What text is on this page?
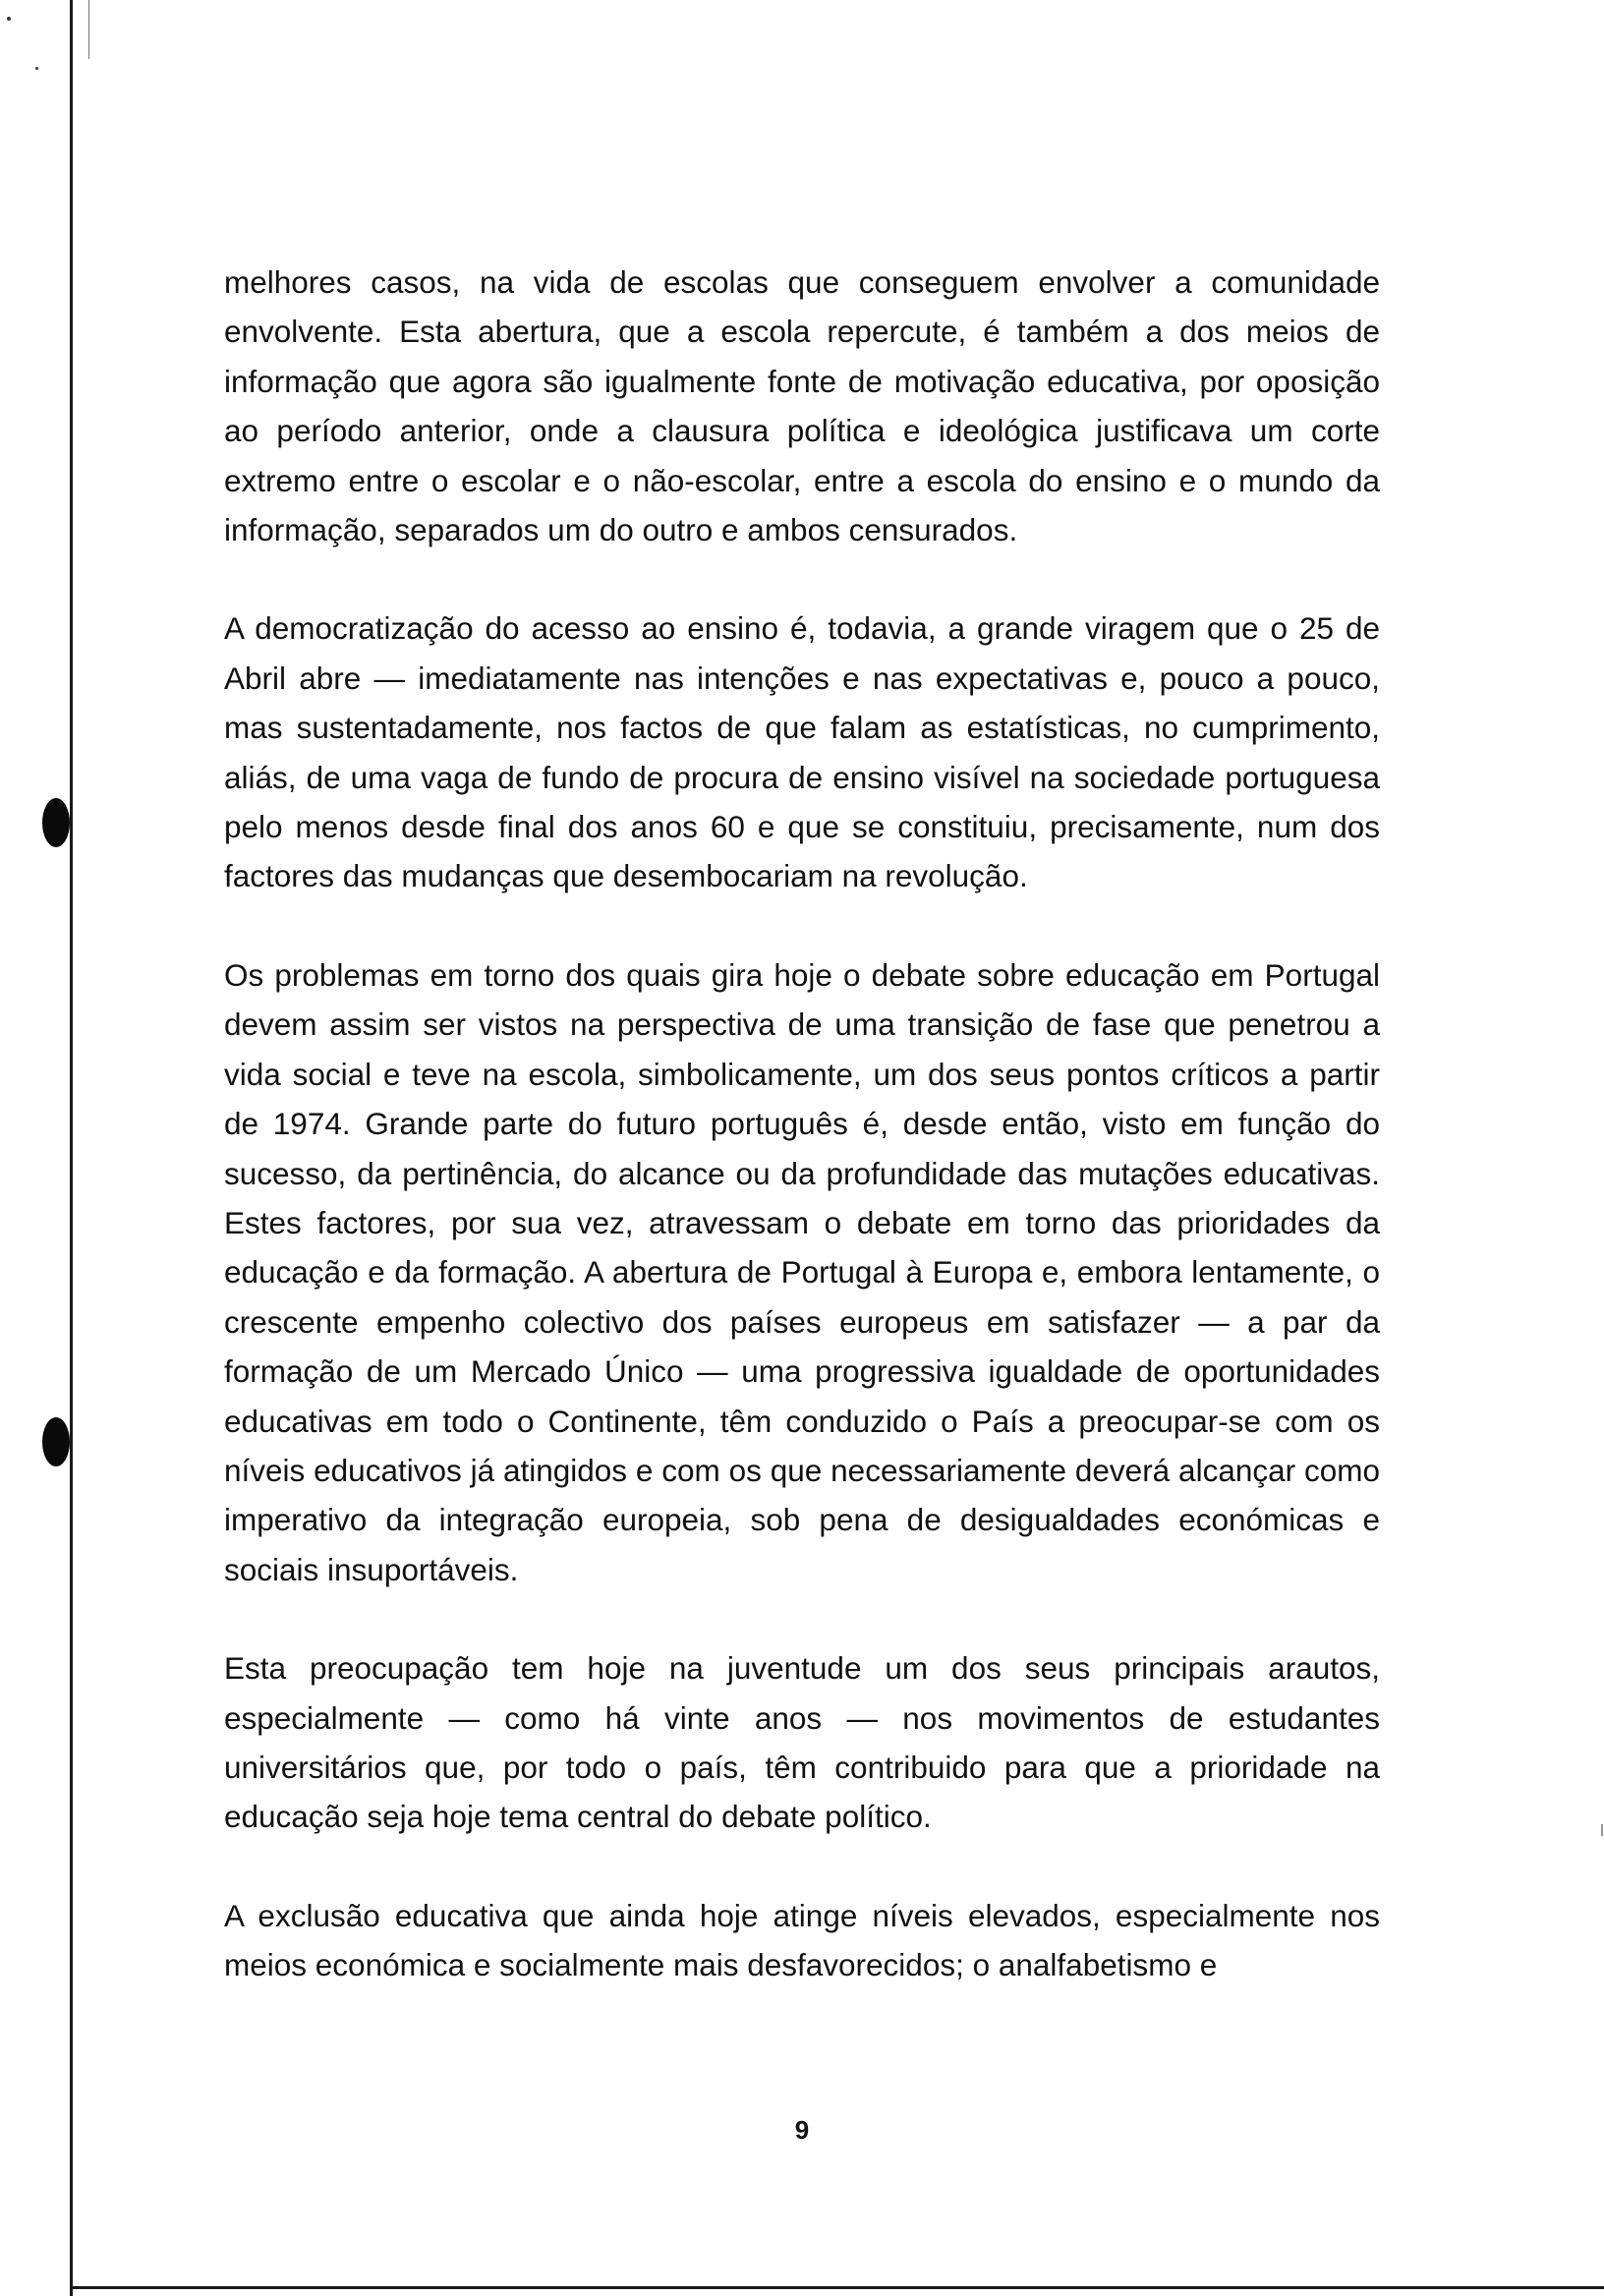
melhores casos, na vida de escolas que conseguem envolver a comunidade envolvente. Esta abertura, que a escola repercute, é também a dos meios de informação que agora são igualmente fonte de motivação educativa, por oposição ao período anterior, onde a clausura política e ideológica justificava um corte extremo entre o escolar e o não-escolar, entre a escola do ensino e o mundo da informação, separados um do outro e ambos censurados.

A democratização do acesso ao ensino é, todavia, a grande viragem que o 25 de Abril abre — imediatamente nas intenções e nas expectativas e, pouco a pouco, mas sustentadamente, nos factos de que falam as estatísticas, no cumprimento, aliás, de uma vaga de fundo de procura de ensino visível na sociedade portuguesa pelo menos desde final dos anos 60 e que se constituiu, precisamente, num dos factores das mudanças que desembocariam na revolução.

Os problemas em torno dos quais gira hoje o debate sobre educação em Portugal devem assim ser vistos na perspectiva de uma transição de fase que penetrou a vida social e teve na escola, simbolicamente, um dos seus pontos críticos a partir de 1974. Grande parte do futuro português é, desde então, visto em função do sucesso, da pertinência, do alcance ou da profundidade das mutações educativas. Estes factores, por sua vez, atravessam o debate em torno das prioridades da educação e da formação. A abertura de Portugal à Europa e, embora lentamente, o crescente empenho colectivo dos países europeus em satisfazer — a par da formação de um Mercado Único — uma progressiva igualdade de oportunidades educativas em todo o Continente, têm conduzido o País a preocupar-se com os níveis educativos já atingidos e com os que necessariamente deverá alcançar como imperativo da integração europeia, sob pena de desigualdades económicas e sociais insuportáveis.

Esta preocupação tem hoje na juventude um dos seus principais arautos, especialmente — como há vinte anos — nos movimentos de estudantes universitários que, por todo o país, têm contribuido para que a prioridade na educação seja hoje tema central do debate político.

A exclusão educativa que ainda hoje atinge níveis elevados, especialmente nos meios económica e socialmente mais desfavorecidos; o analfabetismo e

9
